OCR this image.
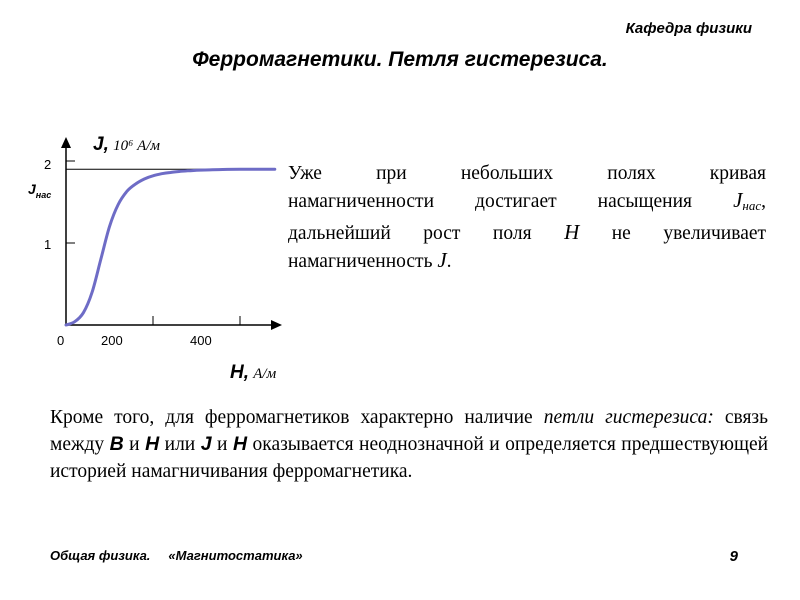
Кафедра физики
Ферромагнетики. Петля гистерезиса.
0	200	400
1
2
$J_{нас}$
J, 10⁶ А/м
H, А/м
Уже при небольших полях кривая
намагниченности достигает насыщения $J_{нас}$,
дальнейший рост поля H не увеличивает
намагниченность J.
Кроме того, для ферромагнетиков характерно наличие петли гистерезиса: связь между B и H или J и H оказывается неоднозначной и определяется предшествующей историей намагничивания ферромагнетика.
Общая физика. «Магнитостатика»	9
